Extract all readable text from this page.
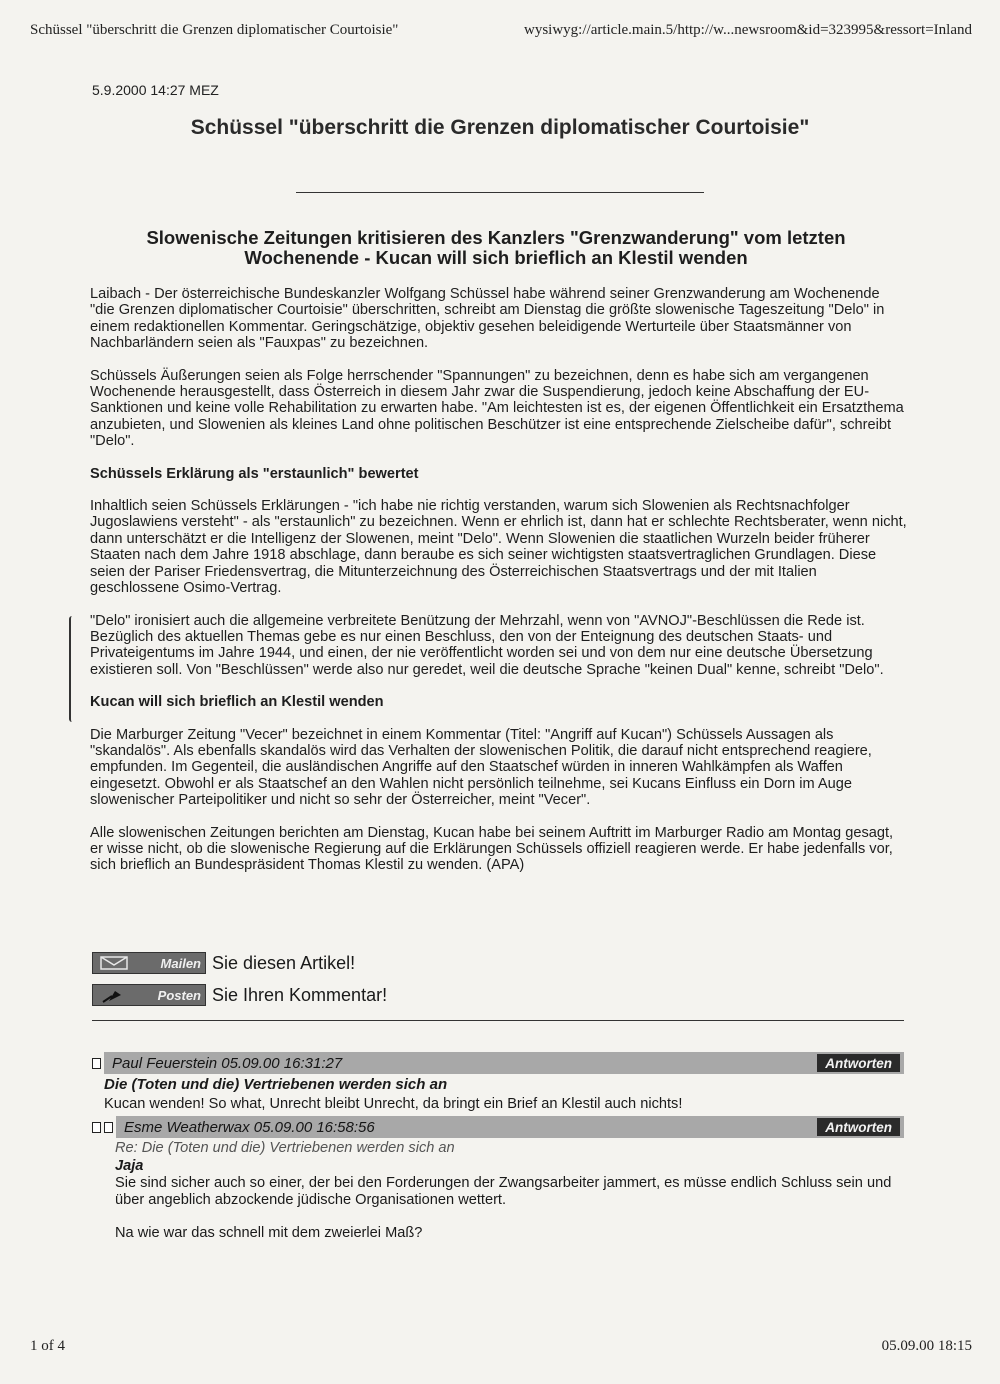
Schüssel "überschritt die Grenzen diplomatischer Courtoisie"	wysiwyg://article.main.5/http://w...newsroom&id=323995&ressort=Inland
5.9.2000 14:27 MEZ
Schüssel "überschritt die Grenzen diplomatischer Courtoisie"
Slowenische Zeitungen kritisieren des Kanzlers "Grenzwanderung" vom letzten Wochenende - Kucan will sich brieflich an Klestil wenden

Laibach - Der österreichische Bundeskanzler Wolfgang Schüssel habe während seiner Grenzwanderung am Wochenende "die Grenzen diplomatischer Courtoisie" überschritten, schreibt am Dienstag die größte slowenische Tageszeitung "Delo" in einem redaktionellen Kommentar. Geringschätzige, objektiv gesehen beleidigende Werturteile über Staatsmänner von Nachbarländern seien als "Fauxpas" zu bezeichnen.

Schüssels Äußerungen seien als Folge herrschender "Spannungen" zu bezeichnen, denn es habe sich am vergangenen Wochenende herausgestellt, dass Österreich in diesem Jahr zwar die Suspendierung, jedoch keine Abschaffung der EU-Sanktionen und keine volle Rehabilitation zu erwarten habe. "Am leichtesten ist es, der eigenen Öffentlichkeit ein Ersatzthema anzubieten, und Slowenien als kleines Land ohne politischen Beschützer ist eine entsprechende Zielscheibe dafür", schreibt "Delo".

Schüssels Erklärung als "erstaunlich" bewertet

Inhaltlich seien Schüssels Erklärungen - "ich habe nie richtig verstanden, warum sich Slowenien als Rechtsnachfolger Jugoslawiens versteht" - als "erstaunlich" zu bezeichnen. Wenn er ehrlich ist, dann hat er schlechte Rechtsberater, wenn nicht, dann unterschätzt er die Intelligenz der Slowenen, meint "Delo". Wenn Slowenien die staatlichen Wurzeln beider früherer Staaten nach dem Jahre 1918 abschlage, dann beraube es sich seiner wichtigsten staatsvertraglichen Grundlagen. Diese seien der Pariser Friedensvertrag, die Mitunterzeichnung des Österreichischen Staatsvertrags und der mit Italien geschlossene Osimo-Vertrag.

"Delo" ironisiert auch die allgemeine verbreitete Benützung der Mehrzahl, wenn von "AVNOJ"-Beschlüssen die Rede ist. Bezüglich des aktuellen Themas gebe es nur einen Beschluss, den von der Enteignung des deutschen Staats- und Privateigentums im Jahre 1944, und einen, der nie veröffentlicht worden sei und von dem nur eine deutsche Übersetzung existieren soll. Von "Beschlüssen" werde also nur geredet, weil die deutsche Sprache "keinen Dual" kenne, schreibt "Delo".

Kucan will sich brieflich an Klestil wenden

Die Marburger Zeitung "Vecer" bezeichnet in einem Kommentar (Titel: "Angriff auf Kucan") Schüssels Aussagen als "skandalös". Als ebenfalls skandalös wird das Verhalten der slowenischen Politik, die darauf nicht entsprechend reagiere, empfunden. Im Gegenteil, die ausländischen Angriffe auf den Staatschef würden in inneren Wahlkämpfen als Waffen eingesetzt. Obwohl er als Staatschef an den Wahlen nicht persönlich teilnehme, sei Kucans Einfluss ein Dorn im Auge slowenischer Parteipolitiker und nicht so sehr der Österreicher, meint "Vecer".

Alle slowenischen Zeitungen berichten am Dienstag, Kucan habe bei seinem Auftritt im Marburger Radio am Montag gesagt, er wisse nicht, ob die slowenische Regierung auf die Erklärungen Schüssels offiziell reagieren werde. Er habe jedenfalls vor, sich brieflich an Bundespräsident Thomas Klestil zu wenden. (APA)

Mailen Sie diesen Artikel!
Posten Sie Ihren Kommentar!
Paul Feuerstein 05.09.00 16:31:27	Antworten
Die (Toten und die) Vertriebenen werden sich an
Kucan wenden! So what, Unrecht bleibt Unrecht, da bringt ein Brief an Klestil auch nichts!
Esme Weatherwax 05.09.00 16:58:56	Antworten
Re: Die (Toten und die) Vertriebenen werden sich an
Jaja
Sie sind sicher auch so einer, der bei den Forderungen der Zwangsarbeiter jammert, es müsse endlich Schluss sein und über angeblich abzockende jüdische Organisationen wettert.
Na wie war das schnell mit dem zweierlei Maß?
1 of 4	05.09.00 18:15
